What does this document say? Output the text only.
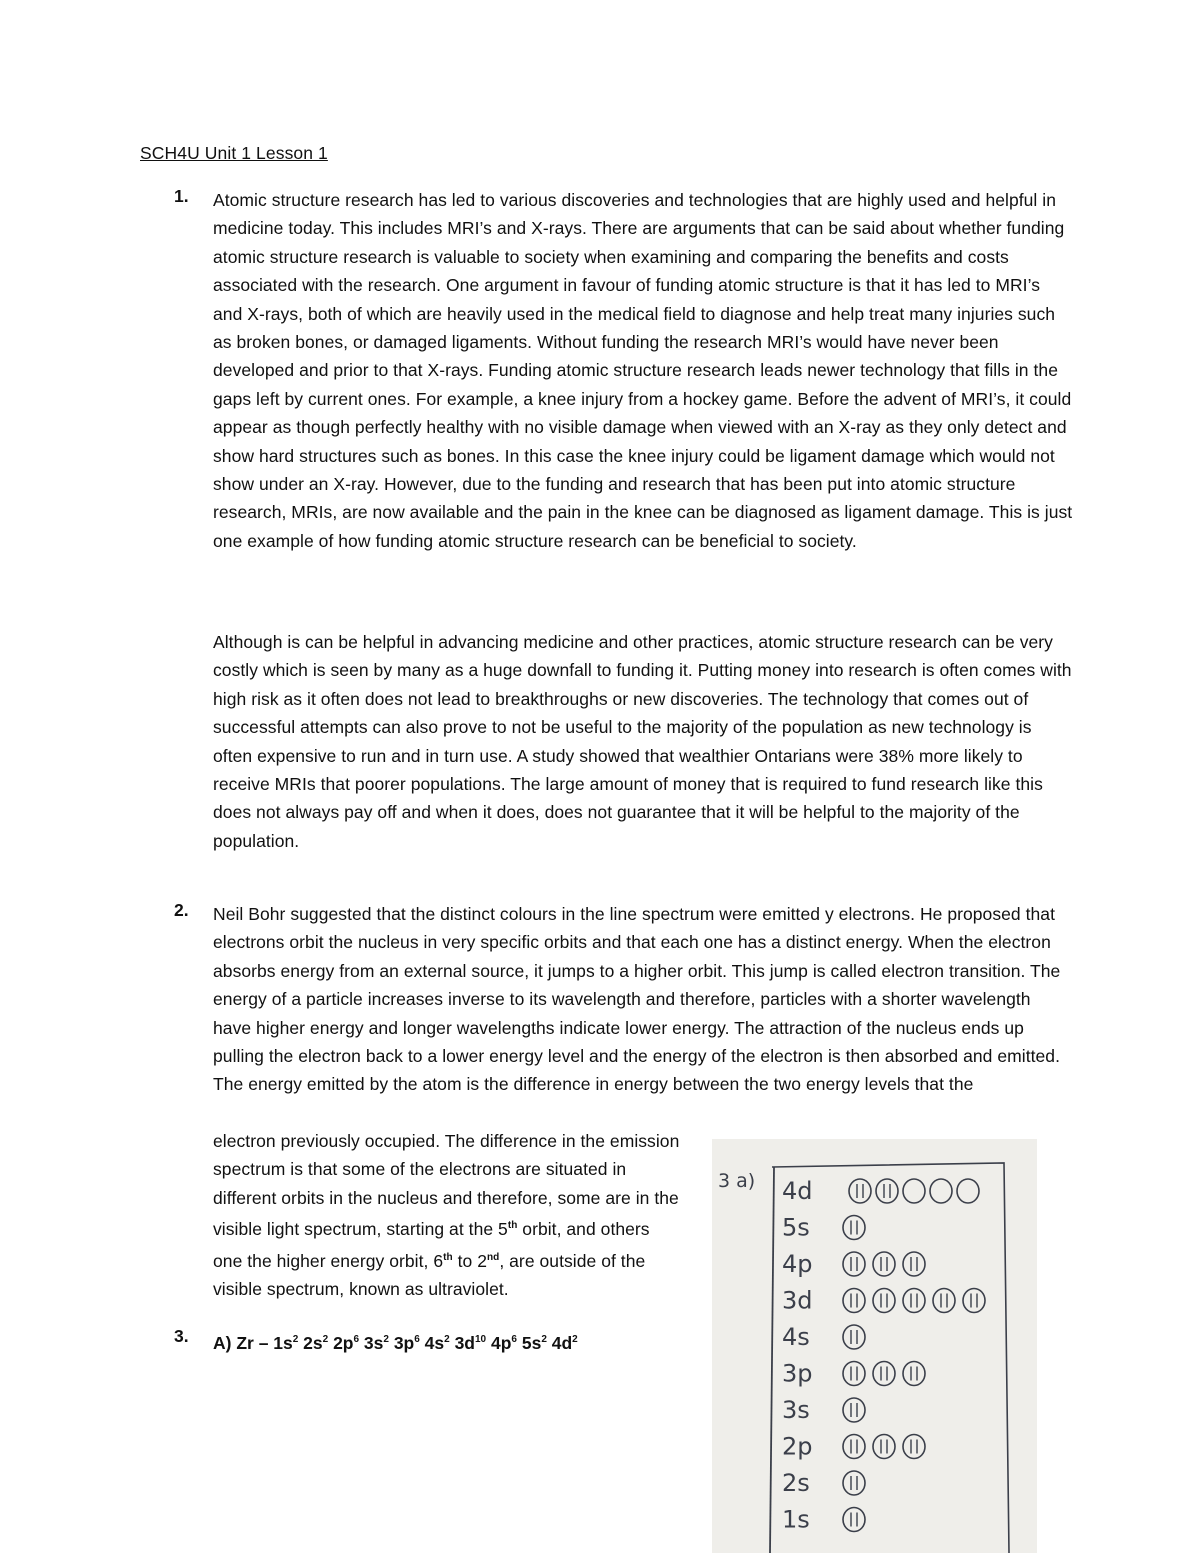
SCH4U Unit 1 Lesson 1
1. Atomic structure research has led to various discoveries and technologies that are highly used and helpful in medicine today. This includes MRI’s and X-rays. There are arguments that can be said about whether funding atomic structure research is valuable to society when examining and comparing the benefits and costs associated with the research. One argument in favour of funding atomic structure is that it has led to MRI’s and X-rays, both of which are heavily used in the medical field to diagnose and help treat many injuries such as broken bones, or damaged ligaments. Without funding the research MRI’s would have never been developed and prior to that X-rays. Funding atomic structure research leads newer technology that fills in the gaps left by current ones. For example, a knee injury from a hockey game. Before the advent of MRI’s, it could appear as though perfectly healthy with no visible damage when viewed with an X-ray as they only detect and show hard structures such as bones. In this case the knee injury could be ligament damage which would not show under an X-ray. However, due to the funding and research that has been put into atomic structure research, MRIs, are now available and the pain in the knee can be diagnosed as ligament damage. This is just one example of how funding atomic structure research can be beneficial to society.

Although is can be helpful in advancing medicine and other practices, atomic structure research can be very costly which is seen by many as a huge downfall to funding it. Putting money into research is often comes with high risk as it often does not lead to breakthroughs or new discoveries. The technology that comes out of successful attempts can also prove to not be useful to the majority of the population as new technology is often expensive to run and in turn use. A study showed that wealthier Ontarians were 38% more likely to receive MRIs that poorer populations. The large amount of money that is required to fund research like this does not always pay off and when it does, does not guarantee that it will be helpful to the majority of the population.

2. Neil Bohr suggested that the distinct colours in the line spectrum were emitted y electrons. He proposed that electrons orbit the nucleus in very specific orbits and that each one has a distinct energy. When the electron absorbs energy from an external source, it jumps to a higher orbit. This jump is called electron transition. The energy of a particle increases inverse to its wavelength and therefore, particles with a shorter wavelength have higher energy and longer wavelengths indicate lower energy. The attraction of the nucleus ends up pulling the electron back to a lower energy level and the energy of the electron is then absorbed and emitted. The energy emitted by the atom is the difference in energy between the two energy levels that the

electron previously occupied. The difference in the emission spectrum is that some of the electrons are situated in different orbits in the nucleus and therefore, some are in the visible light spectrum, starting at the 5th orbit, and others one the higher energy orbit, 6th to 2nd, are outside of the visible spectrum, known as ultraviolet.

3. A) Zr – $1s^2$ $2s^2$ $2p^6$ $3s^2$ $3p^6$ $4s^2$ $3d^{10}$ $4p^6$ $5s^2$ $4d^2$
3 a) 4d
5s
4p
3d
4s
3p
3s
2p
2s
1s
